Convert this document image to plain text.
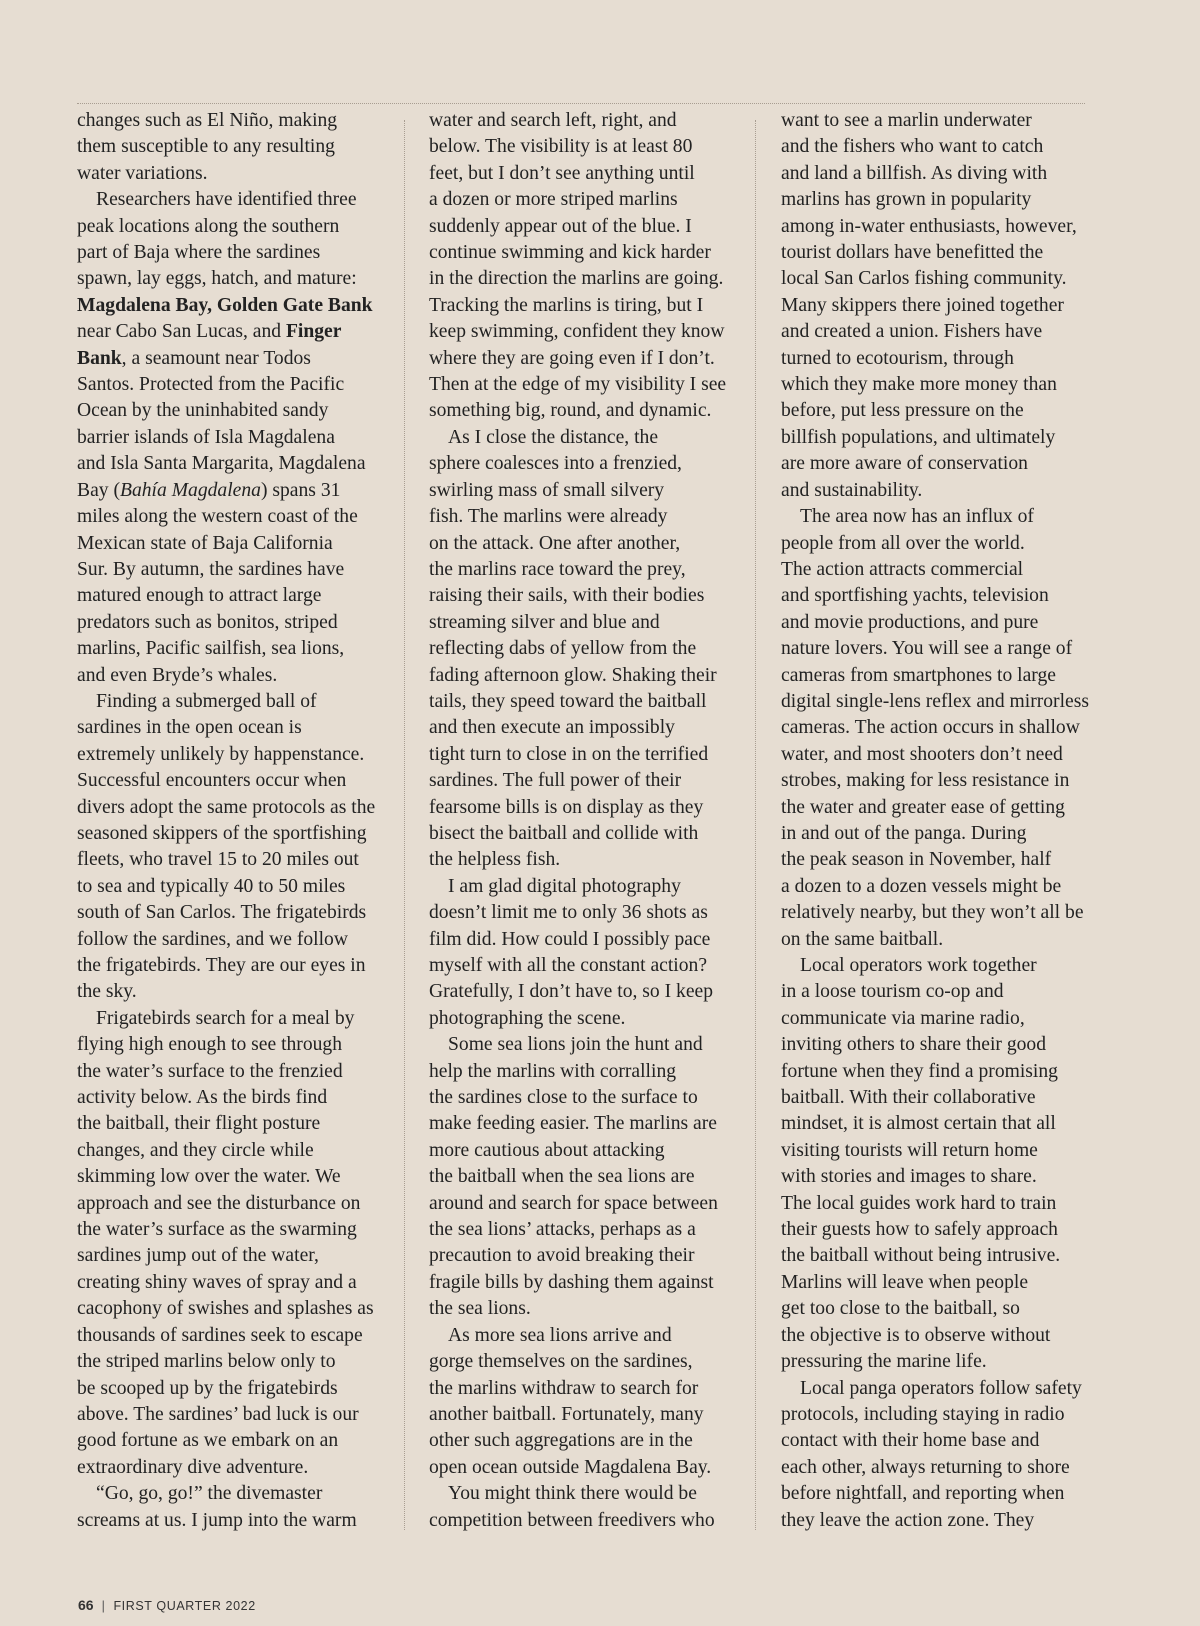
changes such as El Niño, making
them susceptible to any resulting
water variations.

Researchers have identified three
peak locations along the southern
part of Baja where the sardines
spawn, lay eggs, hatch, and mature:
Magdalena Bay, Golden Gate Bank
near Cabo San Lucas, and Finger
Bank, a seamount near Todos
Santos. Protected from the Pacific
Ocean by the uninhabited sandy
barrier islands of Isla Magdalena
and Isla Santa Margarita, Magdalena
Bay (Bahía Magdalena) spans 31
miles along the western coast of the
Mexican state of Baja California
Sur. By autumn, the sardines have
matured enough to attract large
predators such as bonitos, striped
marlins, Pacific sailfish, sea lions,
and even Bryde’s whales.

Finding a submerged ball of
sardines in the open ocean is
extremely unlikely by happenstance.
Successful encounters occur when
divers adopt the same protocols as the
seasoned skippers of the sportfishing
fleets, who travel 15 to 20 miles out
to sea and typically 40 to 50 miles
south of San Carlos. The frigatebirds
follow the sardines, and we follow
the frigatebirds. They are our eyes in
the sky.

Frigatebirds search for a meal by
flying high enough to see through
the water’s surface to the frenzied
activity below. As the birds find
the baitball, their flight posture
changes, and they circle while
skimming low over the water. We
approach and see the disturbance on
the water’s surface as the swarming
sardines jump out of the water,
creating shiny waves of spray and a
cacophony of swishes and splashes as
thousands of sardines seek to escape
the striped marlins below only to
be scooped up by the frigatebirds
above. The sardines’ bad luck is our
good fortune as we embark on an
extraordinary dive adventure.

“Go, go, go!” the divemaster
screams at us. I jump into the warm

water and search left, right, and
below. The visibility is at least 80
feet, but I don’t see anything until
a dozen or more striped marlins
suddenly appear out of the blue. I
continue swimming and kick harder
in the direction the marlins are going.
Tracking the marlins is tiring, but I
keep swimming, confident they know
where they are going even if I don’t.
Then at the edge of my visibility I see
something big, round, and dynamic.

As I close the distance, the
sphere coalesces into a frenzied,
swirling mass of small silvery
fish. The marlins were already
on the attack. One after another,
the marlins race toward the prey,
raising their sails, with their bodies
streaming silver and blue and
reflecting dabs of yellow from the
fading afternoon glow. Shaking their
tails, they speed toward the baitball
and then execute an impossibly
tight turn to close in on the terrified
sardines. The full power of their
fearsome bills is on display as they
bisect the baitball and collide with
the helpless fish.

I am glad digital photography
doesn’t limit me to only 36 shots as
film did. How could I possibly pace
myself with all the constant action?
Gratefully, I don’t have to, so I keep
photographing the scene.

Some sea lions join the hunt and
help the marlins with corralling
the sardines close to the surface to
make feeding easier. The marlins are
more cautious about attacking
the baitball when the sea lions are
around and search for space between
the sea lions’ attacks, perhaps as a
precaution to avoid breaking their
fragile bills by dashing them against
the sea lions.

As more sea lions arrive and
gorge themselves on the sardines,
the marlins withdraw to search for
another baitball. Fortunately, many
other such aggregations are in the
open ocean outside Magdalena Bay.

You might think there would be
competition between freedivers who

want to see a marlin underwater
and the fishers who want to catch
and land a billfish. As diving with
marlins has grown in popularity
among in-water enthusiasts, however,
tourist dollars have benefitted the
local San Carlos fishing community.
Many skippers there joined together
and created a union. Fishers have
turned to ecotourism, through
which they make more money than
before, put less pressure on the
billfish populations, and ultimately
are more aware of conservation
and sustainability.

The area now has an influx of
people from all over the world.
The action attracts commercial
and sportfishing yachts, television
and movie productions, and pure
nature lovers. You will see a range of
cameras from smartphones to large
digital single-lens reflex and mirrorless
cameras. The action occurs in shallow
water, and most shooters don’t need
strobes, making for less resistance in
the water and greater ease of getting
in and out of the panga. During
the peak season in November, half
a dozen to a dozen vessels might be
relatively nearby, but they won’t all be
on the same baitball.

Local operators work together
in a loose tourism co-op and
communicate via marine radio,
inviting others to share their good
fortune when they find a promising
baitball. With their collaborative
mindset, it is almost certain that all
visiting tourists will return home
with stories and images to share.
The local guides work hard to train
their guests how to safely approach
the baitball without being intrusive.
Marlins will leave when people
get too close to the baitball, so
the objective is to observe without
pressuring the marine life.

Local panga operators follow safety
protocols, including staying in radio
contact with their home base and
each other, always returning to shore
before nightfall, and reporting when
they leave the action zone. They

66 | FIRST QUARTER 2022
